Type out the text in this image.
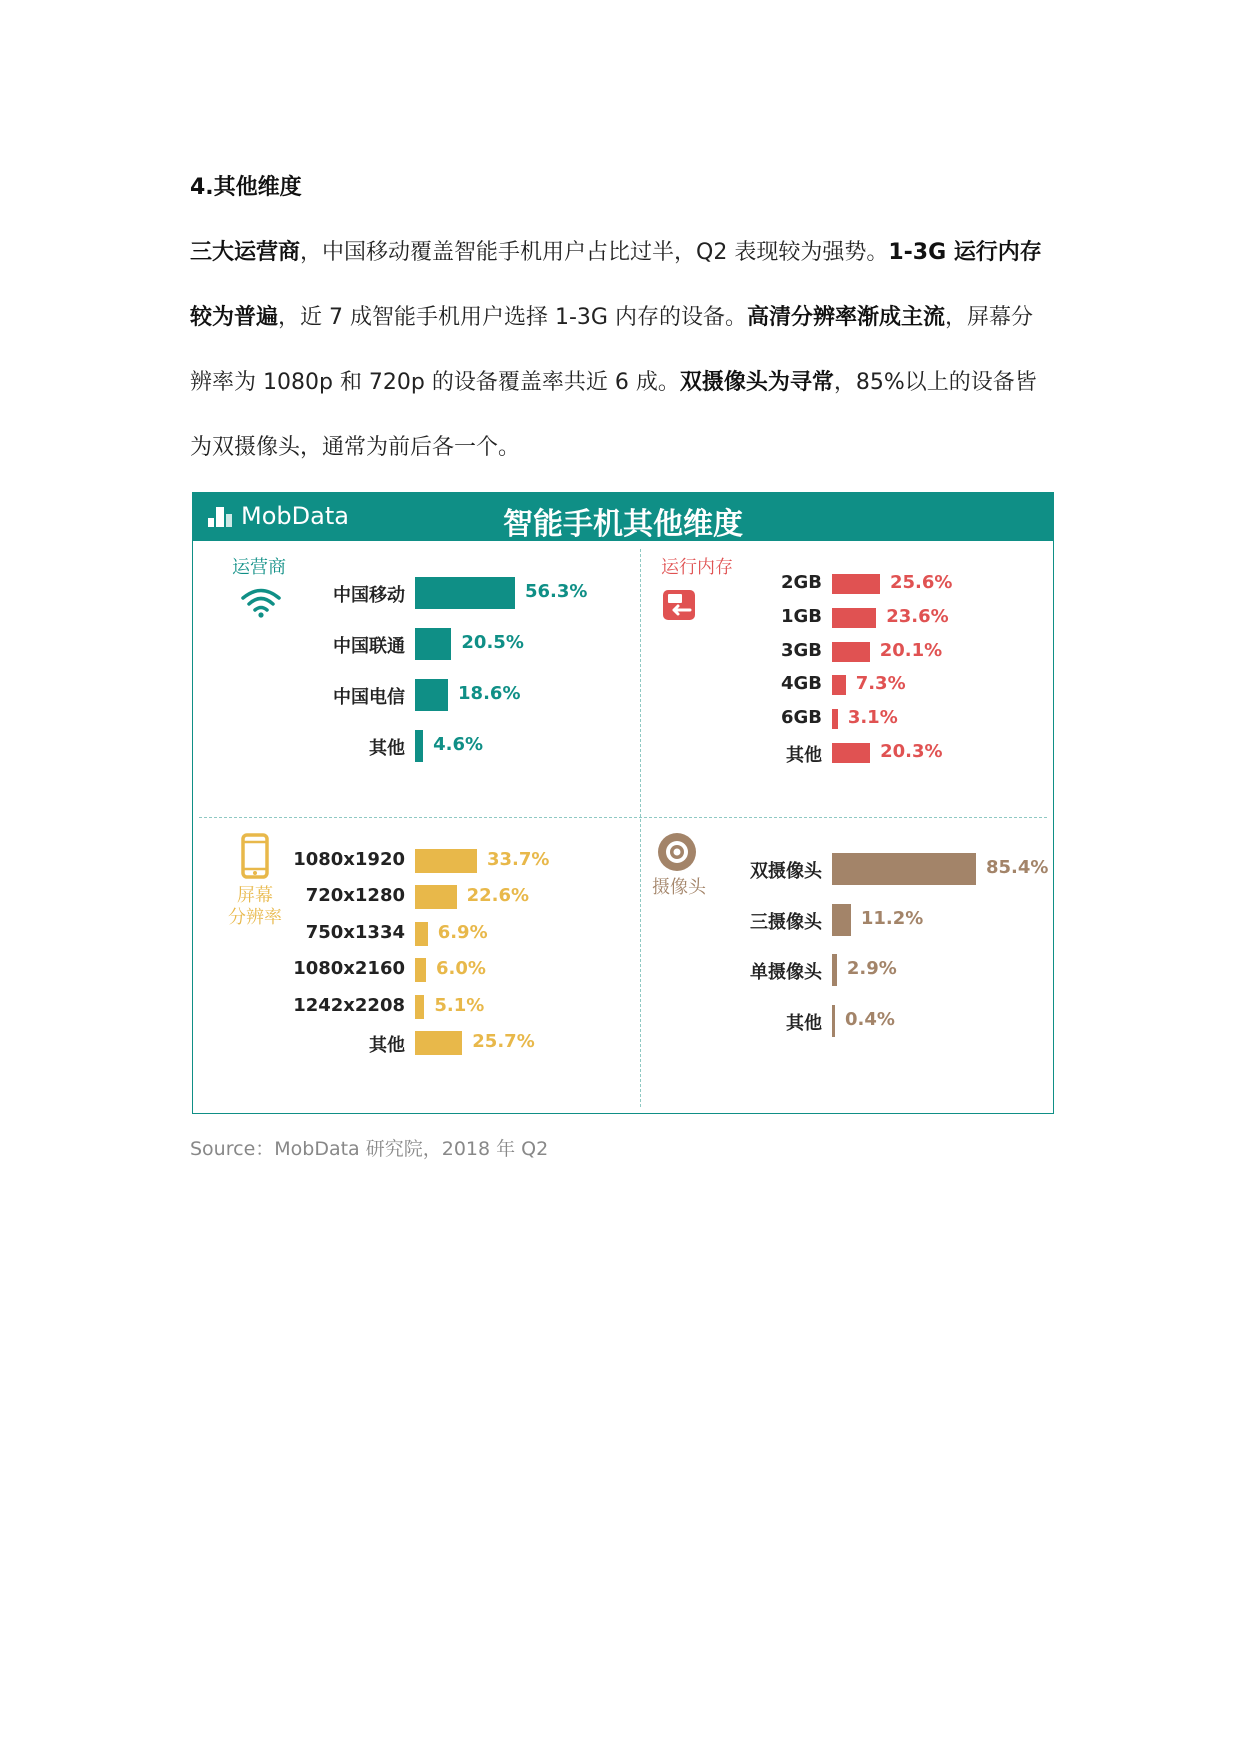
4.其他维度
三大运营商，中国移动覆盖智能手机用户占比过半，Q2 表现较为强势。1-3G 运行内存
较为普遍，近 7 成智能手机用户选择 1-3G 内存的设备。高清分辨率渐成主流，屏幕分
辨率为 1080p 和 720p 的设备覆盖率共近 6 成。双摄像头为寻常，85%以上的设备皆
为双摄像头，通常为前后各一个。
MobData	智能手机其他维度
运营商
中国移动	56.3%
中国联通	20.5%
中国电信	18.6%
其他 4.6%
运行内存
2GB	25.6%
1GB	23.6%
3GB	20.1%
4GB 7.3%
6GB 3.1%
其他	20.3%
屏幕
分辨率
1080x1920	33.7%
720x1280	22.6%
750x1334 6.9%
1080x2160 6.0%
1242x2208 5.1%
其他	25.7%
摄像头
双摄像头	85.4%
三摄像头 11.2%
单摄像头 2.9%
其他 0.4%
Source：MobData 研究院，2018 年 Q2
